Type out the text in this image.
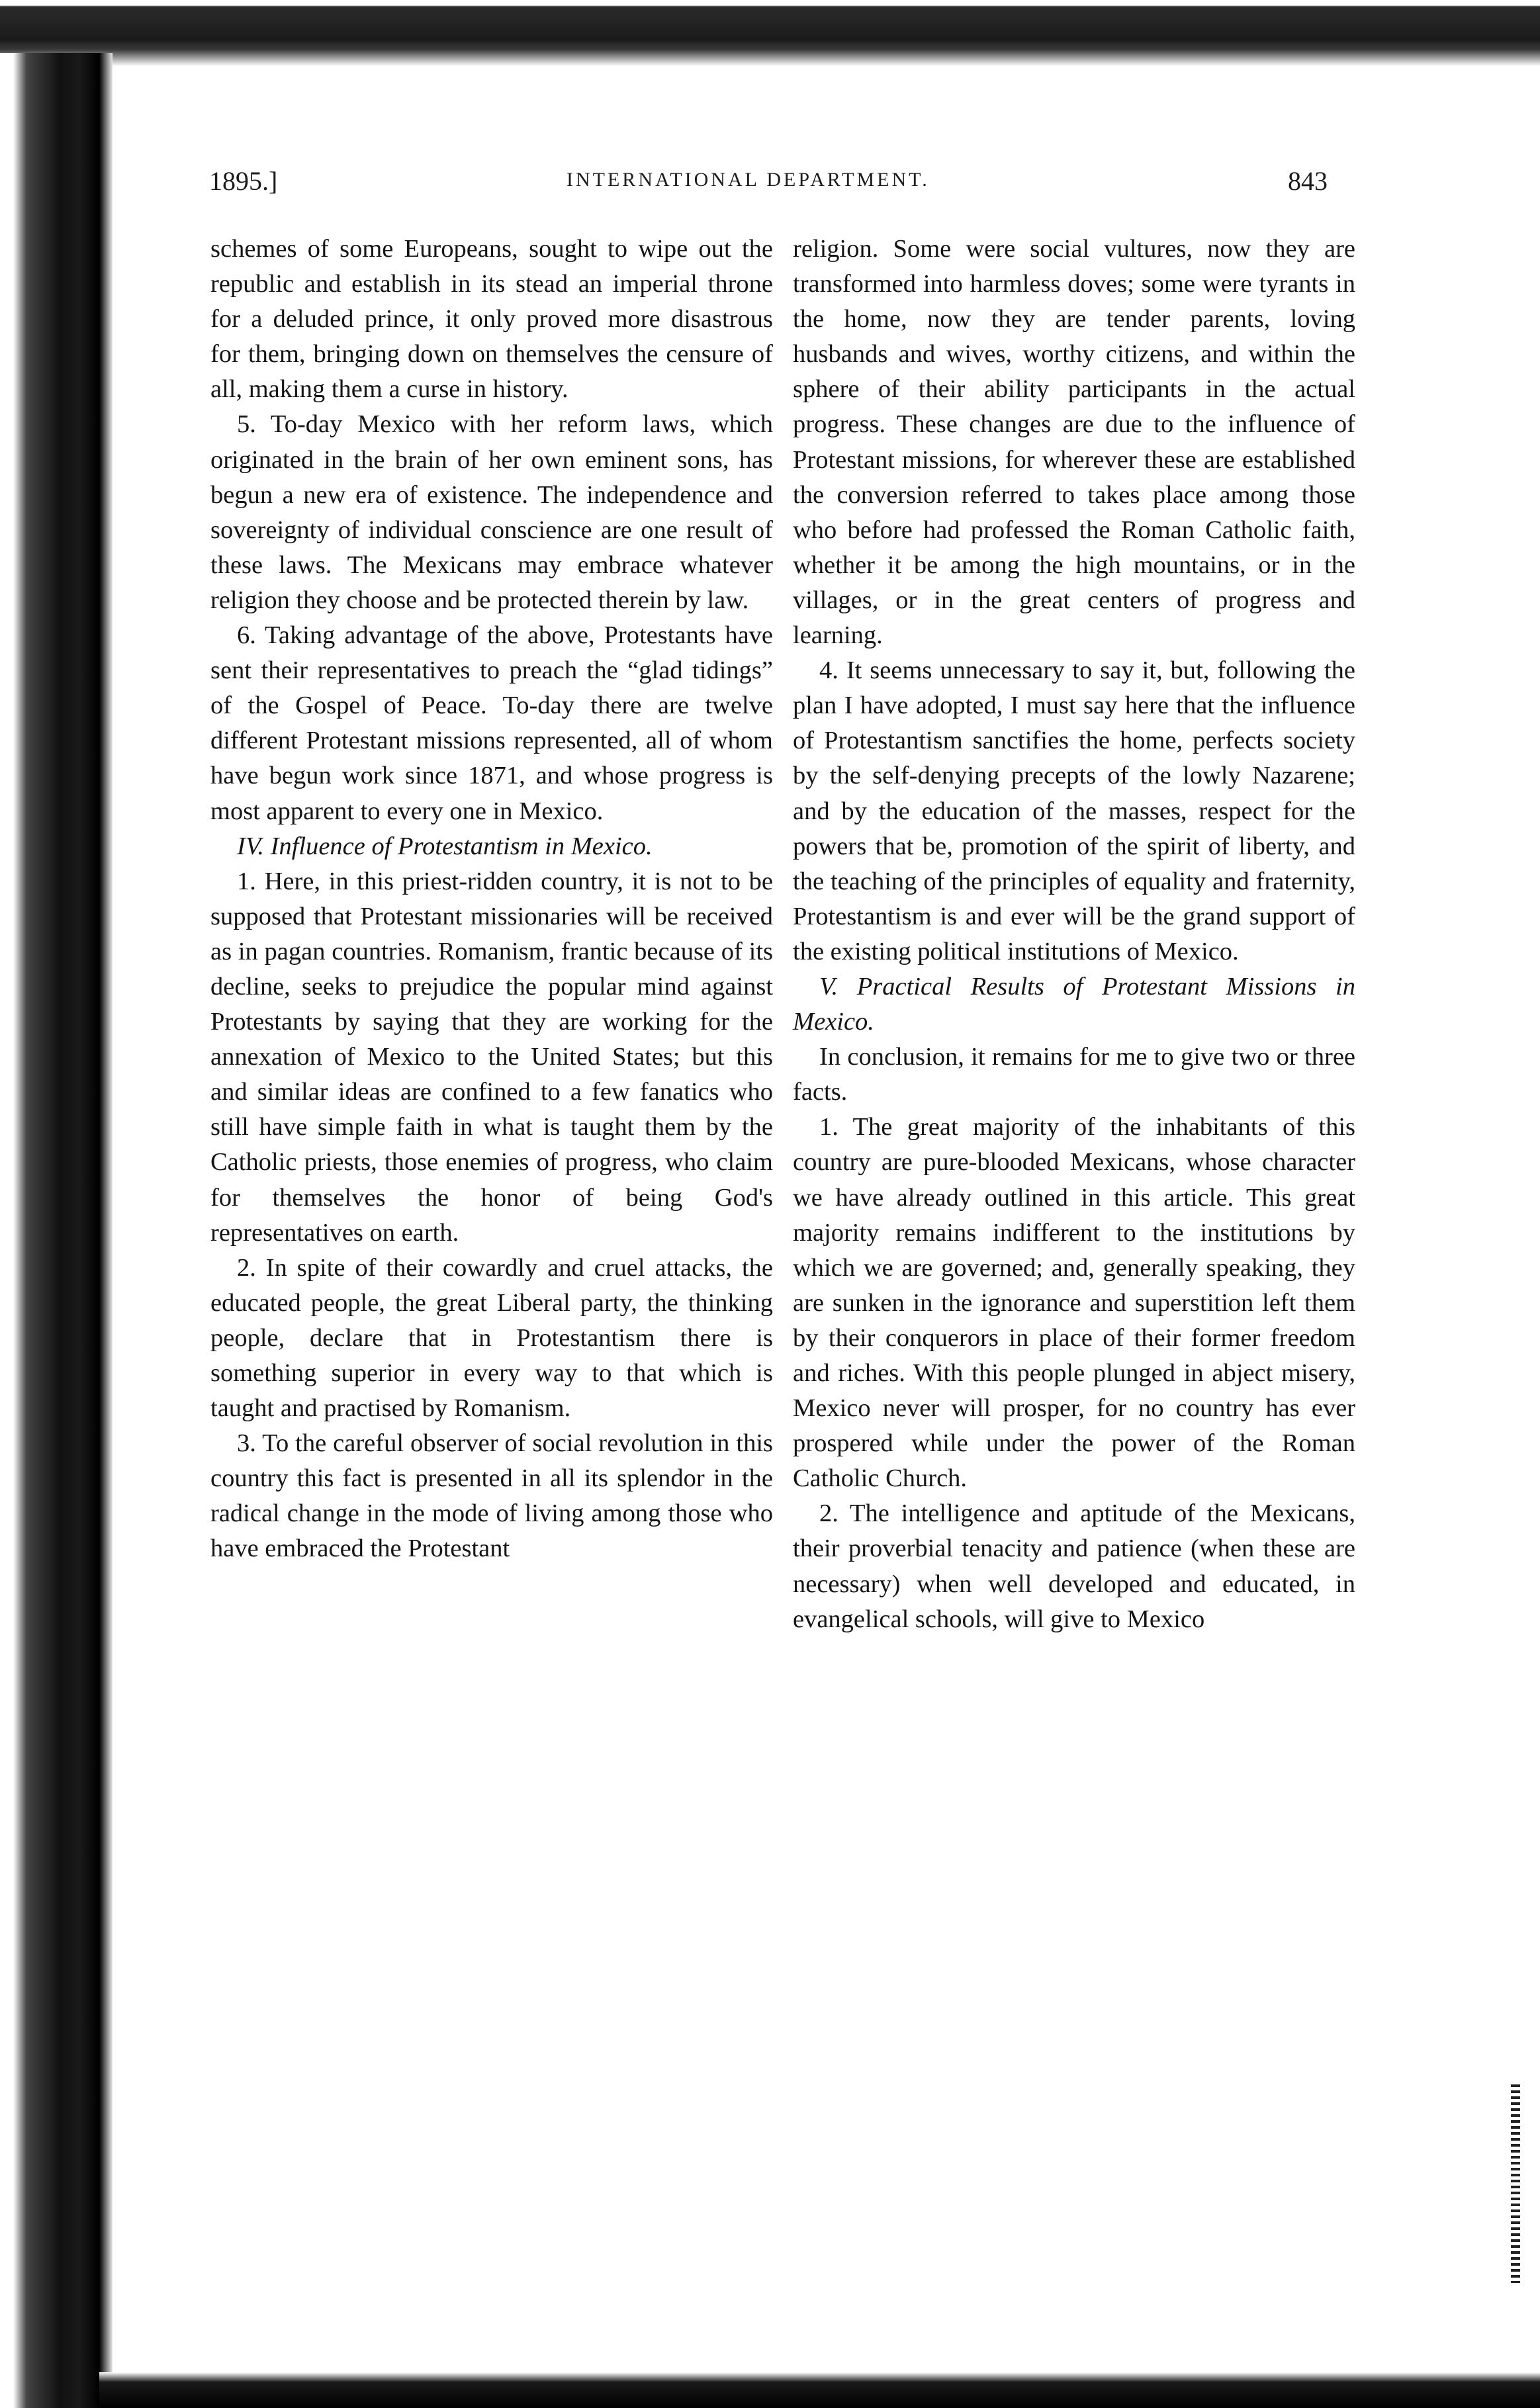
1895.]	INTERNATIONAL DEPARTMENT.	843

schemes of some Europeans, sought to wipe out the republic and establish in its stead an imperial throne for a deluded prince, it only proved more disastrous for them, bringing down on themselves the censure of all, making them a curse in history.

5. To-day Mexico with her reform laws, which originated in the brain of her own eminent sons, has begun a new era of existence. The independence and sovereignty of individual conscience are one result of these laws. The Mexicans may embrace whatever religion they choose and be protected therein by law.

6. Taking advantage of the above, Protestants have sent their representatives to preach the “glad tidings” of the Gospel of Peace. To-day there are twelve different Protestant missions represented, all of whom have begun work since 1871, and whose progress is most apparent to every one in Mexico.

IV. Influence of Protestantism in Mexico.

1. Here, in this priest-ridden country, it is not to be supposed that Protestant missionaries will be received as in pagan countries. Romanism, frantic because of its decline, seeks to prejudice the popular mind against Protestants by saying that they are working for the annexation of Mexico to the United States; but this and similar ideas are confined to a few fanatics who still have simple faith in what is taught them by the Catholic priests, those enemies of progress, who claim for themselves the honor of being God's representatives on earth.

2. In spite of their cowardly and cruel attacks, the educated people, the great Liberal party, the thinking people, declare that in Protestantism there is something superior in every way to that which is taught and practised by Romanism.

3. To the careful observer of social revolution in this country this fact is presented in all its splendor in the radical change in the mode of living among those who have embraced the Protestant

religion. Some were social vultures, now they are transformed into harmless doves; some were tyrants in the home, now they are tender parents, loving husbands and wives, worthy citizens, and within the sphere of their ability participants in the actual progress. These changes are due to the influence of Protestant missions, for wherever these are established the conversion referred to takes place among those who before had professed the Roman Catholic faith, whether it be among the high mountains, or in the villages, or in the great centers of progress and learning.

4. It seems unnecessary to say it, but, following the plan I have adopted, I must say here that the influence of Protestantism sanctifies the home, perfects society by the self-denying precepts of the lowly Nazarene; and by the education of the masses, respect for the powers that be, promotion of the spirit of liberty, and the teaching of the principles of equality and fraternity, Protestantism is and ever will be the grand support of the existing political institutions of Mexico.

V. Practical Results of Protestant Missions in Mexico.

In conclusion, it remains for me to give two or three facts.

1. The great majority of the inhabitants of this country are pure-blooded Mexicans, whose character we have already outlined in this article. This great majority remains indifferent to the institutions by which we are governed; and, generally speaking, they are sunken in the ignorance and superstition left them by their conquerors in place of their former freedom and riches. With this people plunged in abject misery, Mexico never will prosper, for no country has ever prospered while under the power of the Roman Catholic Church.

2. The intelligence and aptitude of the Mexicans, their proverbial tenacity and patience (when these are necessary) when well developed and educated, in evangelical schools, will give to Mexico
